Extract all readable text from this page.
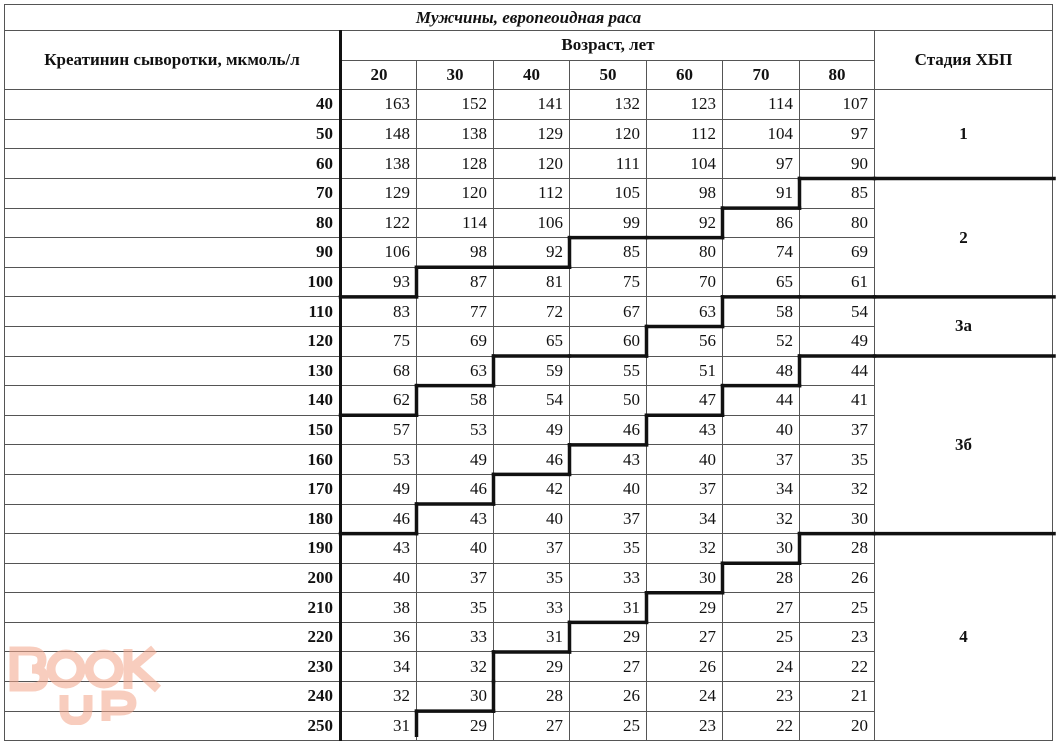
Мужчины, европеоидная раса								
Креатинин сыворотки, мкмоль/л	Возраст, лет							Стадия ХБП
	20	30	40	50	60	70	80	
40	163	152	141	132	123	114	107	1
50	148	138	129	120	112	104	97	
60	138	128	120	111	104	97	90	
70	129	120	112	105	98	91	85	2
80	122	114	106	99	92	86	80	
90	106	98	92	85	80	74	69	
100	93	87	81	75	70	65	61	
110	83	77	72	67	63	58	54	3а
120	75	69	65	60	56	52	49	
130	68	63	59	55	51	48	44	3б
140	62	58	54	50	47	44	41	
150	57	53	49	46	43	40	37	
160	53	49	46	43	40	37	35	
170	49	46	42	40	37	34	32	
180	46	43	40	37	34	32	30	
190	43	40	37	35	32	30	28	4
200	40	37	35	33	30	28	26	
210	38	35	33	31	29	27	25	
220	36	33	31	29	27	25	23	
230	34	32	29	27	26	24	22	
240	32	30	28	26	24	23	21	
250	31	29	27	25	23	22	20	
